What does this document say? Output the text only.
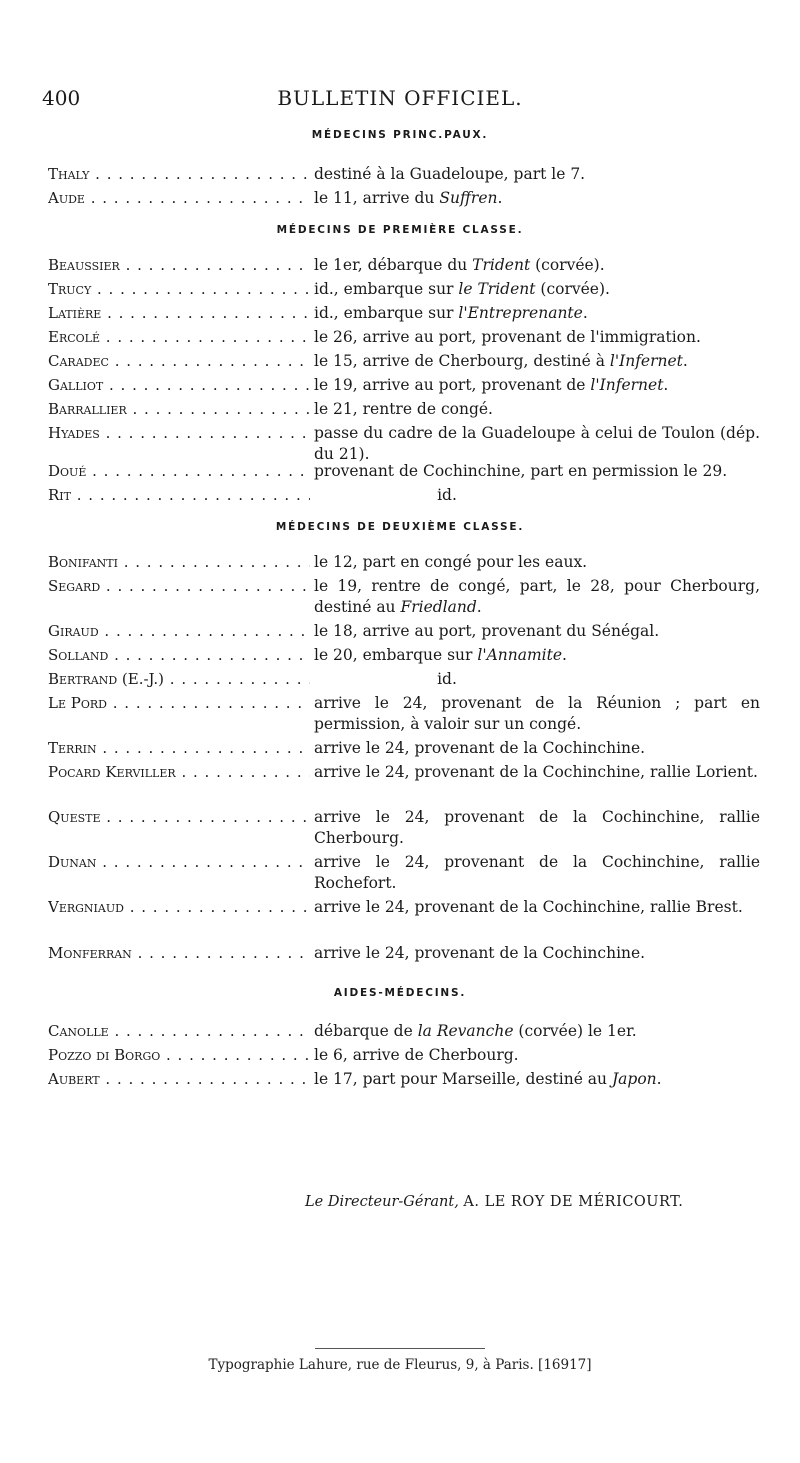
400	BULLETIN OFFICIEL.
MÉDECINS PRINC.PAUX.
Thaly . . .	destiné à la Guadeloupe, part le 7.
Aude . . .	le 11, arrive du Suffren.
MÉDECINS DE PREMIÈRE CLASSE.
Beaussier . . .	le 1er, débarque du Trident (corvée).
Trucy . . .	id., embarque sur le Trident (corvée).
Latière . . .	id., embarque sur l'Entreprenante.
Ercolé . . .	le 26, arrive au port, provenant de l'immigration.
Caradec . . .	le 15, arrive de Cherbourg, destiné à l'Infernet.
Galliot . . .	le 19, arrive au port, provenant de l'Infernet.
Barrallier . . .	le 21, rentre de congé.
Hyades . . .	passe du cadre de la Guadeloupe à celui de Toulon (dép. du 21).
Doué . . .	provenant de Cochinchine, part en permission le 29.
Rit . . .	id.
MÉDECINS DE DEUXIÈME CLASSE.
Bonifanti . . .	le 12, part en congé pour les eaux.
Segard . . .	le 19, rentre de congé, part, le 28, pour Cherbourg, destiné au Friedland.
Giraud . . .	le 18, arrive au port, provenant du Sénégal.
Solland . . .	le 20, embarque sur l'Annamite.
Bertrand (E.-J.) . . .	id.
Le Pord . . .	arrive le 24, provenant de la Réunion ; part en permission, à valoir sur un congé.
Terrin . . .	arrive le 24, provenant de la Cochinchine.
Pocard Kerviller . . .	arrive le 24, provenant de la Cochinchine, rallie Lorient.
Queste . . .	arrive le 24, provenant de la Cochinchine, rallie Cherbourg.
Dunan . . .	arrive le 24, provenant de la Cochinchine, rallie Rochefort.
Vergniaud . . .	arrive le 24, provenant de la Cochinchine, rallie Brest.
Monferran . . .	arrive le 24, provenant de la Cochinchine.
AIDES-MÉDECINS.
Canolle . . .	débarque de la Revanche (corvée) le 1er.
Pozzo di Borgo . . .	le 6, arrive de Cherbourg.
Aubert . . .	le 17, part pour Marseille, destiné au Japon.
Le Directeur-Gérant, A. LE ROY DE MÉRICOURT.
Typographie Lahure, rue de Fleurus, 9, à Paris. [16917]
